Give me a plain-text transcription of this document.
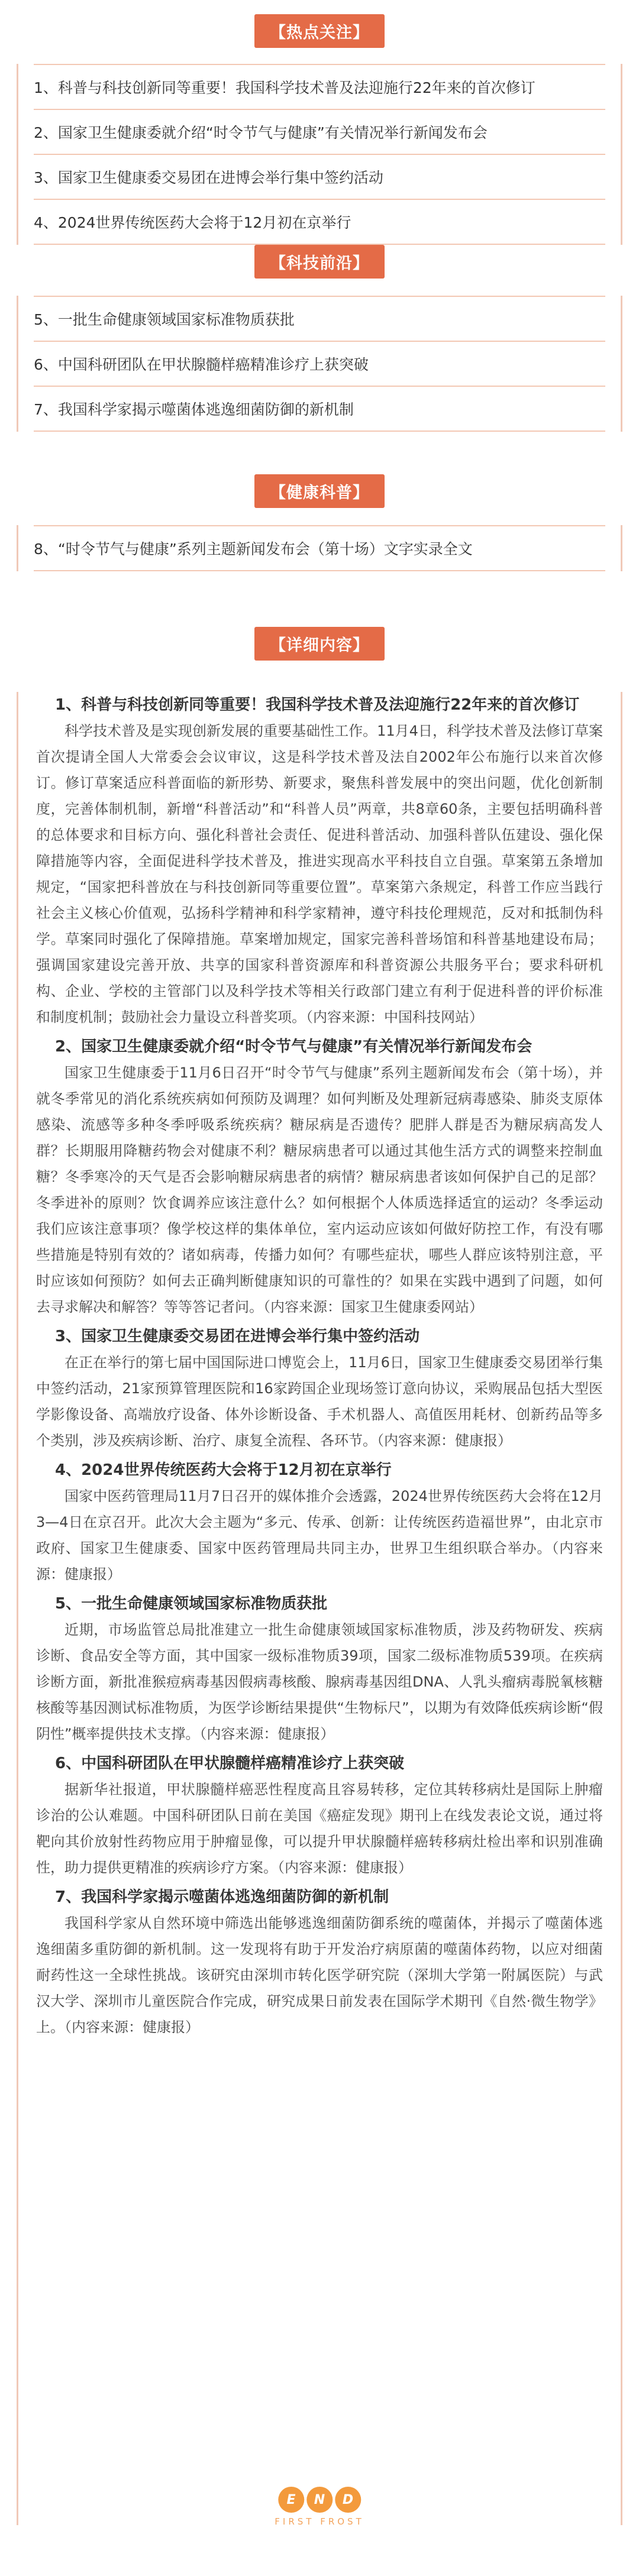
【热点关注】
1、科普与科技创新同等重要！我国科学技术普及法迎施行22年来的首次修订
2、国家卫生健康委就介绍“时令节气与健康”有关情况举行新闻发布会
3、国家卫生健康委交易团在进博会举行集中签约活动
4、2024世界传统医药大会将于12月初在京举行
【科技前沿】
5、一批生命健康领域国家标准物质获批
6、中国科研团队在甲状腺髓样癌精准诊疗上获突破
7、我国科学家揭示噬菌体逃逸细菌防御的新机制
【健康科普】
8、“时令节气与健康”系列主题新闻发布会（第十场）文字实录全文
【详细内容】
1、科普与科技创新同等重要！我国科学技术普及法迎施行22年来的首次修订

科学技术普及是实现创新发展的重要基础性工作。11月4日，科学技术普及法修订草案首次提请全国人大常委会会议审议，这是科学技术普及法自2002年公布施行以来首次修订。修订草案适应科普面临的新形势、新要求，聚焦科普发展中的突出问题，优化创新制度，完善体制机制，新增“科普活动”和“科普人员”两章，共8章60条，主要包括明确科普的总体要求和目标方向、强化科普社会责任、促进科普活动、加强科普队伍建设、强化保障措施等内容，全面促进科学技术普及，推进实现高水平科技自立自强。草案第五条增加规定，“国家把科普放在与科技创新同等重要位置”。草案第六条规定，科普工作应当践行社会主义核心价值观，弘扬科学精神和科学家精神，遵守科技伦理规范，反对和抵制伪科学。草案同时强化了保障措施。草案增加规定，国家完善科普场馆和科普基地建设布局；强调国家建设完善开放、共享的国家科普资源库和科普资源公共服务平台；要求科研机构、企业、学校的主管部门以及科学技术等相关行政部门建立有利于促进科普的评价标准和制度机制；鼓励社会力量设立科普奖项。（内容来源：中国科技网站）

2、国家卫生健康委就介绍“时令节气与健康”有关情况举行新闻发布会

国家卫生健康委于11月6日召开“时令节气与健康”系列主题新闻发布会（第十场），并就冬季常见的消化系统疾病如何预防及调理？如何判断及处理新冠病毒感染、肺炎支原体感染、流感等多种冬季呼吸系统疾病？糖尿病是否遗传？肥胖人群是否为糖尿病高发人群？长期服用降糖药物会对健康不利？糖尿病患者可以通过其他生活方式的调整来控制血糖？冬季寒冷的天气是否会影响糖尿病患者的病情？糖尿病患者该如何保护自己的足部？冬季进补的原则？饮食调养应该注意什么？如何根据个人体质选择适宜的运动？冬季运动我们应该注意事项？像学校这样的集体单位，室内运动应该如何做好防控工作，有没有哪些措施是特别有效的？诸如病毒，传播力如何？有哪些症状，哪些人群应该特别注意，平时应该如何预防？如何去正确判断健康知识的可靠性的？如果在实践中遇到了问题，如何去寻求解决和解答？等等答记者问。（内容来源：国家卫生健康委网站）

3、国家卫生健康委交易团在进博会举行集中签约活动

在正在举行的第七届中国国际进口博览会上，11月6日，国家卫生健康委交易团举行集中签约活动，21家预算管理医院和16家跨国企业现场签订意向协议，采购展品包括大型医学影像设备、高端放疗设备、体外诊断设备、手术机器人、高值医用耗材、创新药品等多个类别，涉及疾病诊断、治疗、康复全流程、各环节。（内容来源：健康报）

4、2024世界传统医药大会将于12月初在京举行

国家中医药管理局11月7日召开的媒体推介会透露，2024世界传统医药大会将在12月3—4日在京召开。此次大会主题为“多元、传承、创新：让传统医药造福世界”，由北京市政府、国家卫生健康委、国家中医药管理局共同主办，世界卫生组织联合举办。（内容来源：健康报）

5、一批生命健康领域国家标准物质获批

近期，市场监管总局批准建立一批生命健康领域国家标准物质，涉及药物研发、疾病诊断、食品安全等方面，其中国家一级标准物质39项，国家二级标准物质539项。在疾病诊断方面，新批准猴痘病毒基因假病毒核酸、腺病毒基因组DNA、人乳头瘤病毒脱氧核糖核酸等基因测试标准物质，为医学诊断结果提供“生物标尺”，以期为有效降低疾病诊断“假阴性”概率提供技术支撑。（内容来源：健康报）

6、中国科研团队在甲状腺髓样癌精准诊疗上获突破

据新华社报道，甲状腺髓样癌恶性程度高且容易转移，定位其转移病灶是国际上肿瘤诊治的公认难题。中国科研团队日前在美国《癌症发现》期刊上在线发表论文说，通过将靶向其价放射性药物应用于肿瘤显像，可以提升甲状腺髓样癌转移病灶检出率和识别准确性，助力提供更精准的疾病诊疗方案。（内容来源：健康报）

7、我国科学家揭示噬菌体逃逸细菌防御的新机制

我国科学家从自然环境中筛选出能够逃逸细菌防御系统的噬菌体，并揭示了噬菌体逃逸细菌多重防御的新机制。这一发现将有助于开发治疗病原菌的噬菌体药物，以应对细菌耐药性这一全球性挑战。该研究由深圳市转化医学研究院（深圳大学第一附属医院）与武汉大学、深圳市儿童医院合作完成，研究成果日前发表在国际学术期刊《自然·微生物学》上。（内容来源：健康报）

E	N	D
FIRST FROST
